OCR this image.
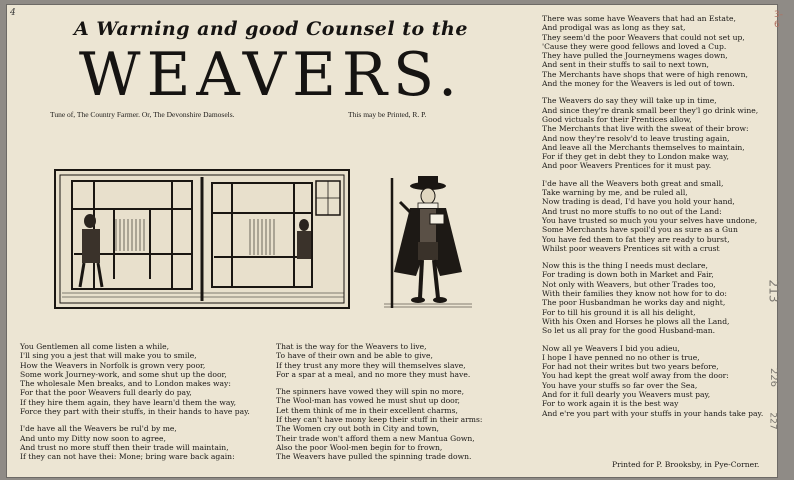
4
A Warning and good Counsel to the
WEAVERS.
Tune of, The Country Farmer. Or, The Devonshire Damosels.	This may be Printed, R. P.
You Gentlemen all come listen a while,
I'll sing you a jest that will make you to smile,
How the Weavers in Norfolk is grown very poor,
Some work Journey-work, and some shut up the door,
The wholesale Men breaks, and to London makes way:
For that the poor Weavers full dearly do pay,
If they hire them again, they have learn'd them the way,
Force they part with their stuffs, in their hands to have pay.
I'de have all the Weavers be rul'd by me,
And unto my Ditty now soon to agree,
And trust no more stuff then their trade will maintain,
If they can not have thei: Mone; bring ware back again:
That is the way for the Weavers to live,
To have of their own and be able to give,
If they trust any more they will themselves slave,
For a spar at a meal, and no more they must have.
The spinners have vowed they will spin no more,
The Wool-man has vowed he must shut up door,
Let them think of me in their excellent charms,
If they can't have mony keep their stuff in their arms:
The Women cry out both in City and town,
Their trade won't afford them a new Mantua Gown,
Also the poor Wool-men begin for to frown,
The Weavers have pulled the spinning trade down.
There was some have Weavers that had an Estate,
And prodigal was as long as they sat,
They seem'd the poor Weavers that could not set up,
'Cause they were good fellows and loved a Cup.
They have pulled the Journeymens wages down,
And sent in their stuffs to sail to next town,
The Merchants have shops that were of high renown,
And the money for the Weavers is led out of town.
The Weavers do say they will take up in time,
And since they're drank small beer they'l go drink wine,
Good victuals for their Prentices allow,
The Merchants that live with the sweat of their brow:
And now they're resolv'd to leave trusting again,
And leave all the Merchants themselves to maintain,
For if they get in debt they to London make way,
And poor Weavers Prentices for it must pay.
I'de have all the Weavers both great and small,
Take warning by me, and be ruled all,
Now trading is dead, I'd have you hold your hand,
And trust no more stuffs to no out of the Land:
You have trusted so much you your selves have undone,
Some Merchants have spoil'd you as sure as a Gun
You have fed them to fat they are ready to burst,
Whilst poor weavers Prentices sit with a crust
Now this is the thing I needs must declare,
For trading is down both in Market and Fair,
Not only with Weavers, but other Trades too,
With their families they know not how for to do:
The poor Husbandman he works day and night,
For to till his ground it is all his delight,
With his Oxen and Horses he plows all the Land,
So let us all pray for the good Husband-man.
Now all ye Weavers I bid you adieu,
I hope I have penned no no other is true,
For had not their writes but two years before,
You had kept the great wolf away from the door:
You have your stuffs so far over the Sea,
And for it full dearly you Weavers must pay,
For to work again it is the best way
And e're you part with your stuffs in your hands take pay.
Printed for P. Brooksby, in Pye-Corner.
3-6
213
226
227
